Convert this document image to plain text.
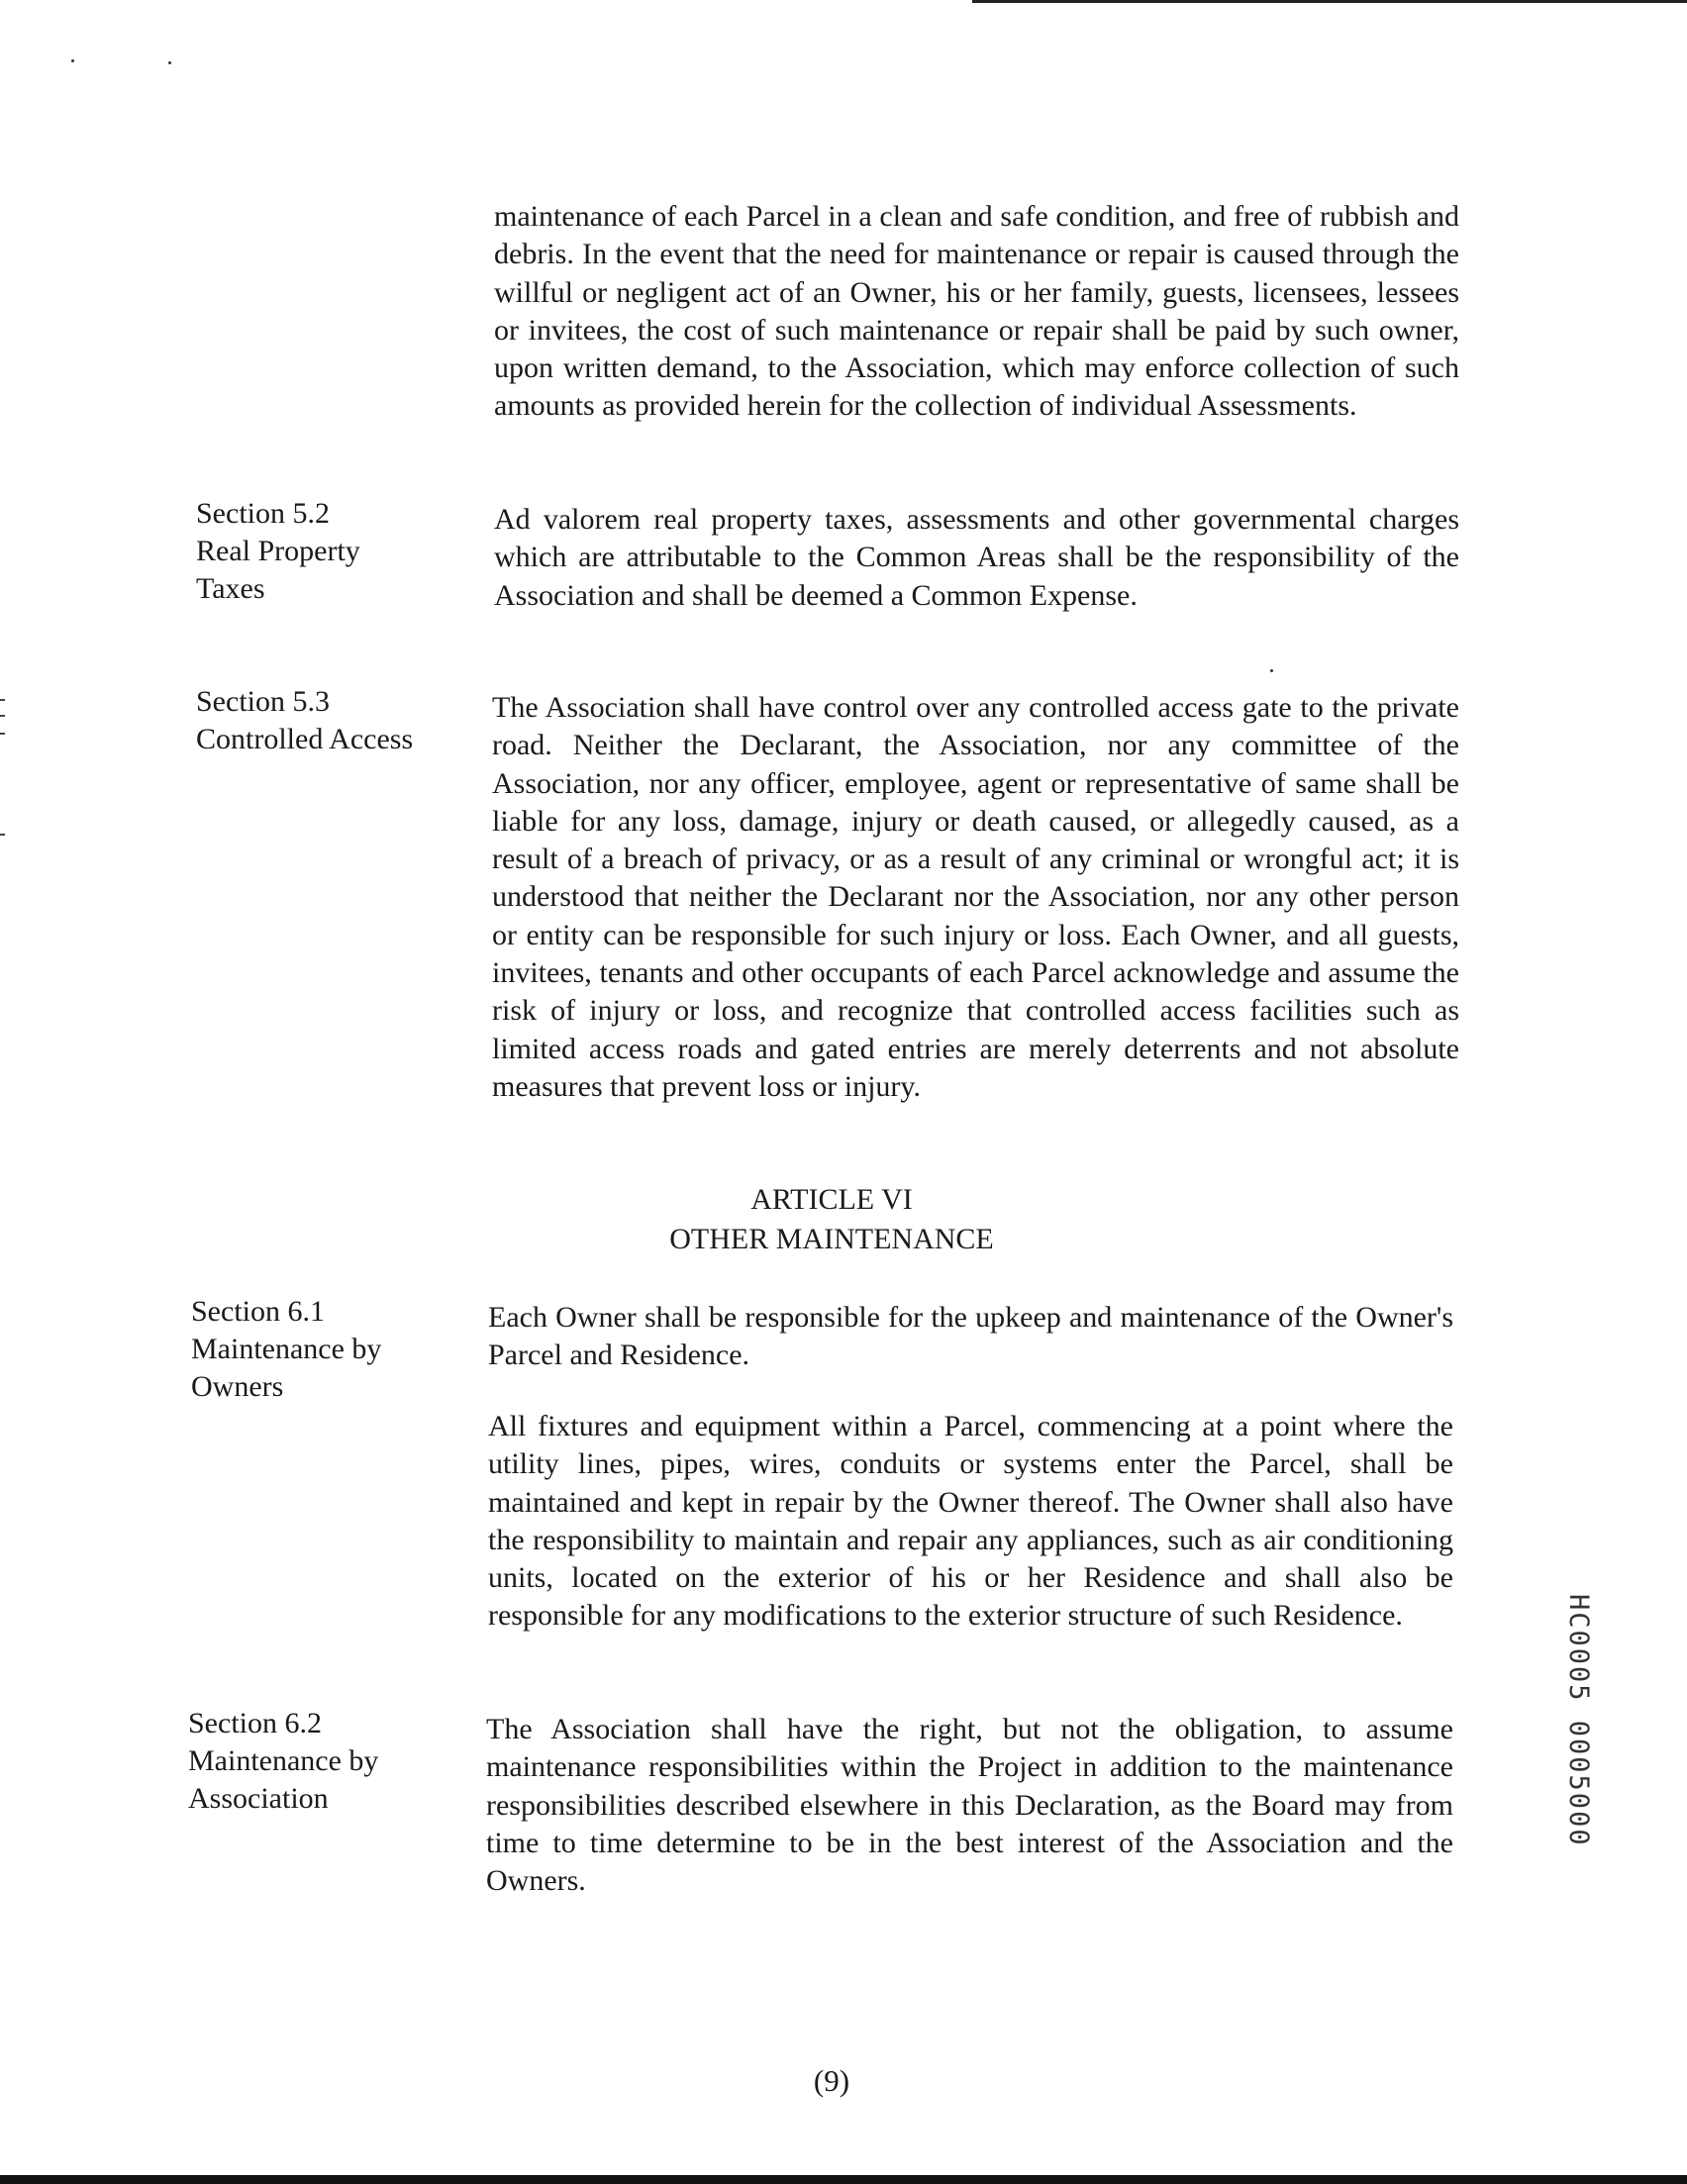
maintenance of each Parcel in a clean and safe condition, and free of rubbish and debris. In the event that the need for maintenance or repair is caused through the willful or negligent act of an Owner, his or her family, guests, licensees, lessees or invitees, the cost of such maintenance or repair shall be paid by such owner, upon written demand, to the Association, which may enforce collection of such amounts as provided herein for the collection of individual Assessments.

Section 5.2
Real Property
Taxes

Ad valorem real property taxes, assessments and other governmental charges which are attributable to the Common Areas shall be the responsibility of the Association and shall be deemed a Common Expense.

Section 5.3
Controlled Access

The Association shall have control over any controlled access gate to the private road. Neither the Declarant, the Association, nor any committee of the Association, nor any officer, employee, agent or representative of same shall be liable for any loss, damage, injury or death caused, or allegedly caused, as a result of a breach of privacy, or as a result of any criminal or wrongful act; it is understood that neither the Declarant nor the Association, nor any other person or entity can be responsible for such injury or loss. Each Owner, and all guests, invitees, tenants and other occupants of each Parcel acknowledge and assume the risk of injury or loss, and recognize that controlled access facilities such as limited access roads and gated entries are merely deterrents and not absolute measures that prevent loss or injury.

ARTICLE VI
OTHER MAINTENANCE
Section 6.1
Maintenance by
Owners

Each Owner shall be responsible for the upkeep and maintenance of the Owner's Parcel and Residence.

All fixtures and equipment within a Parcel, commencing at a point where the utility lines, pipes, wires, conduits or systems enter the Parcel, shall be maintained and kept in repair by the Owner thereof. The Owner shall also have the responsibility to maintain and repair any appliances, such as air conditioning units, located on the exterior of his or her Residence and shall also be responsible for any modifications to the exterior structure of such Residence.

Section 6.2
Maintenance by
Association

The Association shall have the right, but not the obligation, to assume maintenance responsibilities within the Project in addition to the maintenance responsibilities described elsewhere in this Declaration, as the Board may from time to time determine to be in the best interest of the Association and the Owners.

HC0005 0005000
(9)
